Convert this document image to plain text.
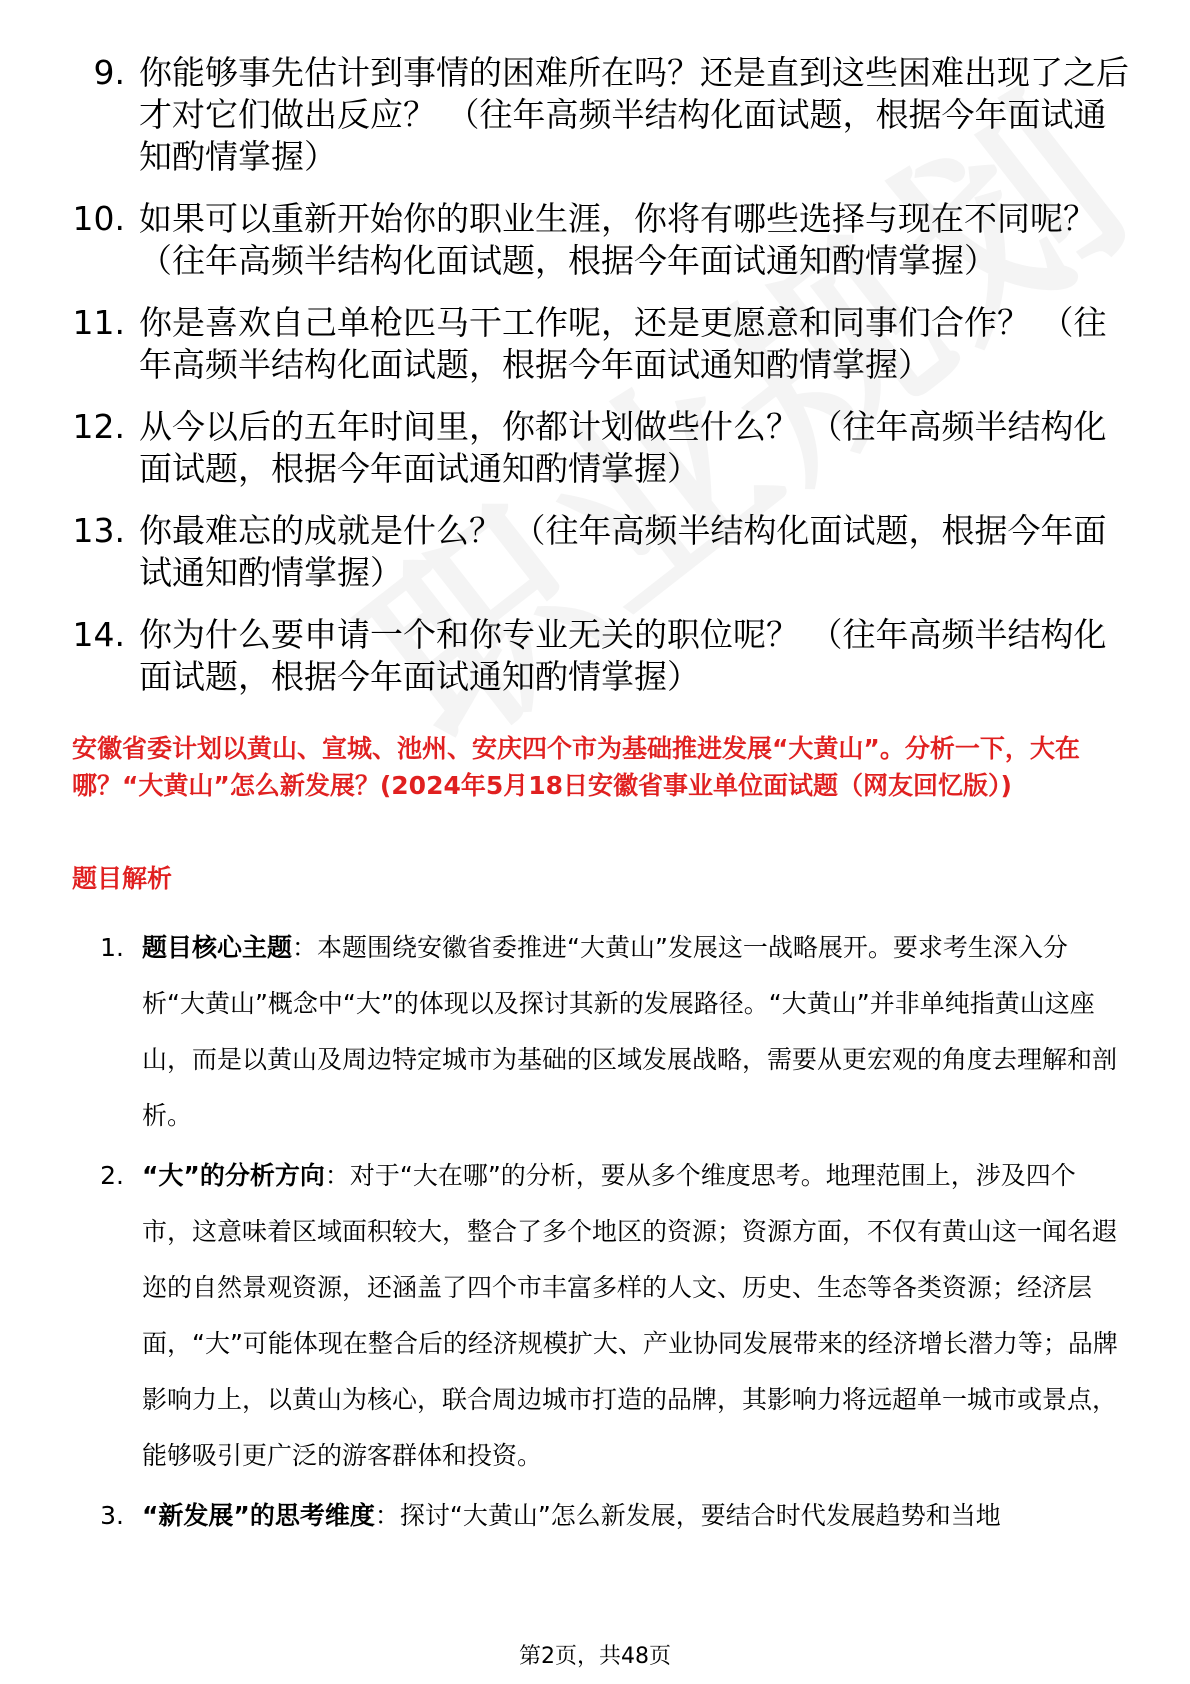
9. 你能够事先估计到事情的困难所在吗？还是直到这些困难出现了之后才对它们做出反应？ （往年高频半结构化面试题，根据今年面试通知酌情掌握）
10. 如果可以重新开始你的职业生涯，你将有哪些选择与现在不同呢？ （往年高频半结构化面试题，根据今年面试通知酌情掌握）
11. 你是喜欢自己单枪匹马干工作呢，还是更愿意和同事们合作？ （往年高频半结构化面试题，根据今年面试通知酌情掌握）
12. 从今以后的五年时间里，你都计划做些什么？ （往年高频半结构化面试题，根据今年面试通知酌情掌握）
13. 你最难忘的成就是什么？ （往年高频半结构化面试题，根据今年面试通知酌情掌握）
14. 你为什么要申请一个和你专业无关的职位呢？ （往年高频半结构化面试题，根据今年面试通知酌情掌握）

安徽省委计划以黄山、宣城、池州、安庆四个市为基础推进发展“大黄山”。分析一下，大在哪？“大黄山”怎么新发展？(2024年5月18日安徽省事业单位面试题（网友回忆版）)

题目解析

1. 题目核心主题：本题围绕安徽省委推进“大黄山”发展这一战略展开。要求考生深入分析“大黄山”概念中“大”的体现以及探讨其新的发展路径。“大黄山”并非单纯指黄山这座山，而是以黄山及周边特定城市为基础的区域发展战略，需要从更宏观的角度去理解和剖析。
2. “大”的分析方向：对于“大在哪”的分析，要从多个维度思考。地理范围上，涉及四个市，这意味着区域面积较大，整合了多个地区的资源；资源方面，不仅有黄山这一闻名遐迩的自然景观资源，还涵盖了四个市丰富多样的人文、历史、生态等各类资源；经济层面，“大”可能体现在整合后的经济规模扩大、产业协同发展带来的经济增长潜力等；品牌影响力上，以黄山为核心，联合周边城市打造的品牌，其影响力将远超单一城市或景点，能够吸引更广泛的游客群体和投资。
3. “新发展”的思考维度：探讨“大黄山”怎么新发展，要结合时代发展趋势和当地
第2页，共48页
